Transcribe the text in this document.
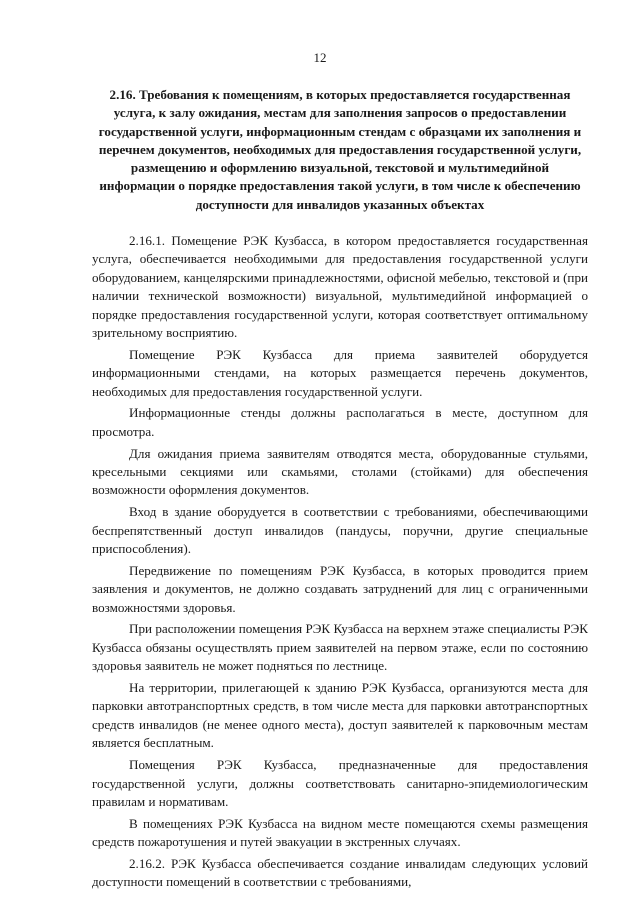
12
2.16. Требования к помещениям, в которых предоставляется государственная услуга, к залу ожидания, местам для заполнения запросов о предоставлении государственной услуги, информационным стендам с образцами их заполнения и перечнем документов, необходимых для предоставления государственной услуги, размещению и оформлению визуальной, текстовой и мультимедийной информации о порядке предоставления такой услуги, в том числе к обеспечению доступности для инвалидов указанных объектах

2.16.1. Помещение РЭК Кузбасса, в котором предоставляется государственная услуга, обеспечивается необходимыми для предоставления государственной услуги оборудованием, канцелярскими принадлежностями, офисной мебелью, текстовой и (при наличии технической возможности) визуальной, мультимедийной информацией о порядке предоставления государственной услуги, которая соответствует оптимальному зрительному восприятию.

Помещение РЭК Кузбасса для приема заявителей оборудуется информационными стендами, на которых размещается перечень документов, необходимых для предоставления государственной услуги.

Информационные стенды должны располагаться в месте, доступном для просмотра.

Для ожидания приема заявителям отводятся места, оборудованные стульями, кресельными секциями или скамьями, столами (стойками) для обеспечения возможности оформления документов.

Вход в здание оборудуется в соответствии с требованиями, обеспечивающими беспрепятственный доступ инвалидов (пандусы, поручни, другие специальные приспособления).

Передвижение по помещениям РЭК Кузбасса, в которых проводится прием заявления и документов, не должно создавать затруднений для лиц с ограниченными возможностями здоровья.

При расположении помещения РЭК Кузбасса на верхнем этаже специалисты РЭК Кузбасса обязаны осуществлять прием заявителей на первом этаже, если по состоянию здоровья заявитель не может подняться по лестнице.

На территории, прилегающей к зданию РЭК Кузбасса, организуются места для парковки автотранспортных средств, в том числе места для парковки автотранспортных средств инвалидов (не менее одного места), доступ заявителей к парковочным местам является бесплатным.

Помещения РЭК Кузбасса, предназначенные для предоставления государственной услуги, должны соответствовать санитарно-эпидемиологическим правилам и нормативам.

В помещениях РЭК Кузбасса на видном месте помещаются схемы размещения средств пожаротушения и путей эвакуации в экстренных случаях.

2.16.2. РЭК Кузбасса обеспечивается создание инвалидам следующих условий доступности помещений в соответствии с требованиями,
